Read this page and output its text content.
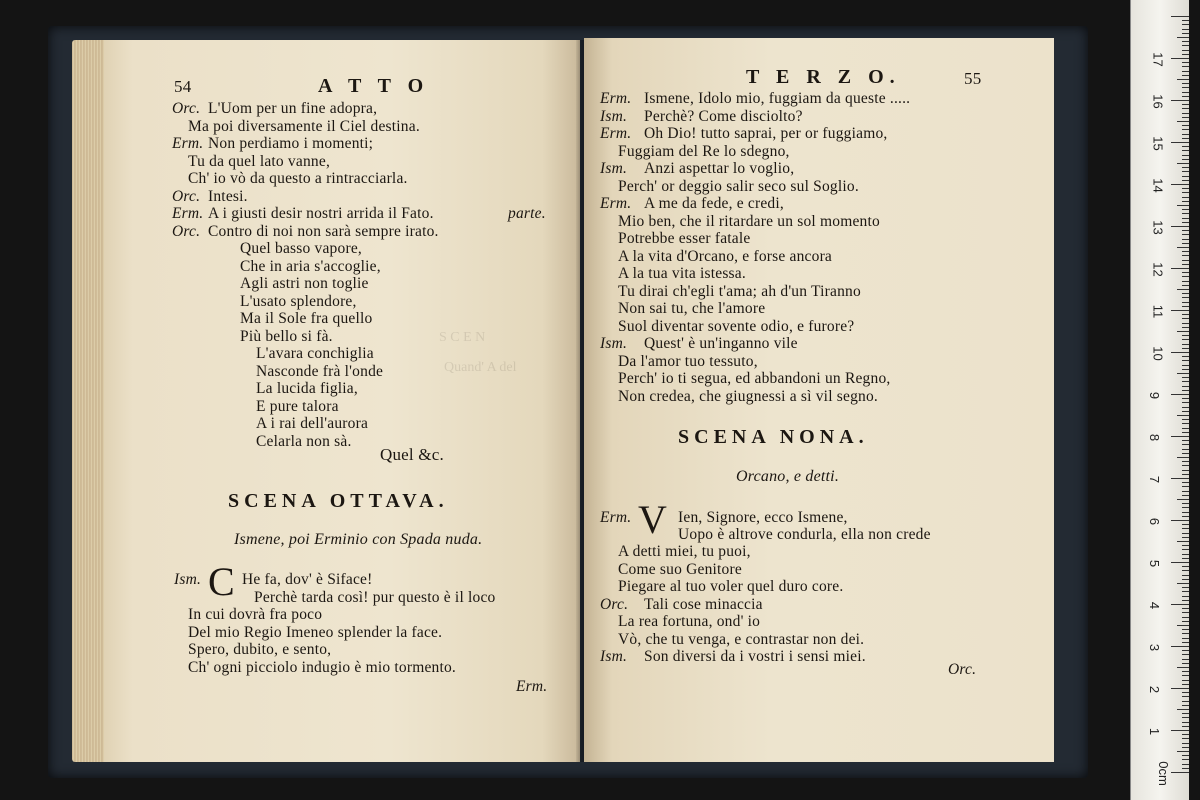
54	A T T O
Orc. L'Uom per un fine adopra,
Ma poi diversamente il Ciel destina.
Erm. Non perdiamo i momenti;
Tu da quel lato vanne,
Ch' io vò da questo a rintracciarla.
Orc. Intesi.
Erm. A i giusti desir nostri arrida il Fato.	parte.
Orc. Contro di noi non sarà sempre irato.
Quel basso vapore,
Che in aria s'accoglie,
Agli astri non toglie
L'usato splendore,
Ma il Sole fra quello
Più bello si fà.
L'avara conchiglia
Nasconde frà l'onde
La lucida figlia,
E pure talora
A i rai dell'aurora
Celarla non sà.
Quel &c.
SCENA OTTAVA.
Ismene, poi Erminio con Spada nuda.
Ism. C He fa, dov' è Siface!
Perchè tarda così! pur questo è il loco
In cui dovrà fra poco
Del mio Regio Imeneo splender la face.
Spero, dubito, e sento,
Ch' ogni picciolo indugio è mio tormento.
Erm.
S C E N
Quand' A del
T E R Z O.	55
Erm. Ismene, Idolo mio, fuggiam da queste .....
Ism. Perchè? Come disciolto?
Erm. Oh Dio! tutto saprai, per or fuggiamo,
Fuggiam del Re lo sdegno,
Ism. Anzi aspettar lo voglio,
Perch' or deggio salir seco sul Soglio.
Erm. A me da fede, e credi,
Mio ben, che il ritardare un sol momento
Potrebbe esser fatale
A la vita d'Orcano, e forse ancora
A la tua vita istessa.
Tu dirai ch'egli t'ama; ah d'un Tiranno
Non sai tu, che l'amore
Suol diventar sovente odio, e furore?
Ism. Quest' è un'inganno vile
Da l'amor tuo tessuto,
Perch' io ti segua, ed abbandoni un Regno,
Non credea, che giugnessi a sì vil segno.
SCENA NONA.
Orcano, e detti.
Erm. V Ien, Signore, ecco Ismene,
Uopo è altrove condurla, ella non crede
A detti miei, tu puoi,
Come suo Genitore
Piegare al tuo voler quel duro core.
Orc. Tali cose minaccia
La rea fortuna, ond' io
Vò, che tu venga, e contrastar non dei.
Ism. Son diversi da i vostri i sensi miei.
Orc.
0cm
1
2
3
4
5
6
7
8
9
10
11
12
13
14
15
16
17
